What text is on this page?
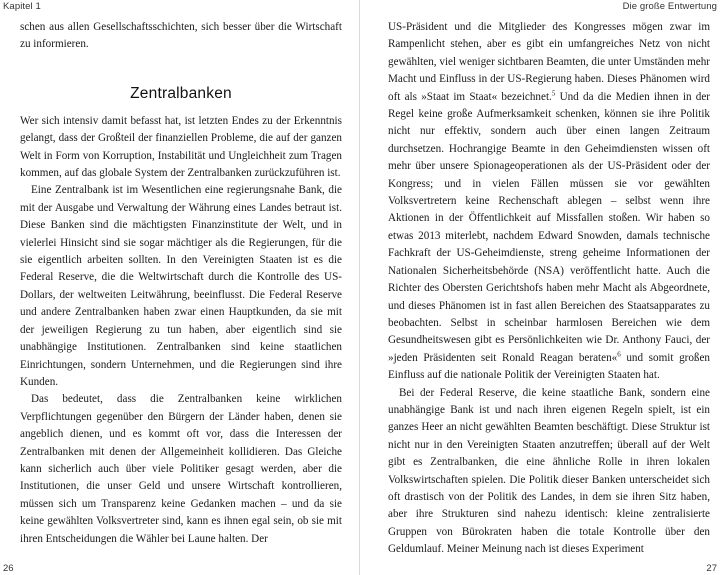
Kapitel 1	Die große Entwertung

schen aus allen Gesellschaftsschichten, sich besser über die Wirtschaft zu informieren.

Zentralbanken

Wer sich intensiv damit befasst hat, ist letzten Endes zu der Erkenntnis gelangt, dass der Großteil der finanziellen Probleme, die auf der ganzen Welt in Form von Korruption, Instabilität und Ungleichheit zum Tragen kommen, auf das globale System der Zentralbanken zurückzuführen ist.

Eine Zentralbank ist im Wesentlichen eine regierungsnahe Bank, die mit der Ausgabe und Verwaltung der Währung eines Landes betraut ist. Diese Banken sind die mächtigsten Finanzinstitute der Welt, und in vielerlei Hinsicht sind sie sogar mächtiger als die Regierungen, für die sie eigentlich arbeiten sollten. In den Vereinigten Staaten ist es die Federal Reserve, die die Weltwirtschaft durch die Kontrolle des US-Dollars, der weltweiten Leitwährung, beeinflusst. Die Federal Reserve und andere Zentralbanken haben zwar einen Hauptkunden, da sie mit der jeweiligen Regierung zu tun haben, aber eigentlich sind sie unabhängige Institutionen. Zentralbanken sind keine staatlichen Einrichtungen, sondern Unternehmen, und die Regierungen sind ihre Kunden.

Das bedeutet, dass die Zentralbanken keine wirklichen Verpflichtungen gegenüber den Bürgern der Länder haben, denen sie angeblich dienen, und es kommt oft vor, dass die Interessen der Zentralbanken mit denen der Allgemeinheit kollidieren. Das Gleiche kann sicherlich auch über viele Politiker gesagt werden, aber die Institutionen, die unser Geld und unsere Wirtschaft kontrollieren, müssen sich um Transparenz keine Gedanken machen – und da sie keine gewählten Volksvertreter sind, kann es ihnen egal sein, ob sie mit ihren Entscheidungen die Wähler bei Laune halten. Der

US-Präsident und die Mitglieder des Kongresses mögen zwar im Rampenlicht stehen, aber es gibt ein umfangreiches Netz von nicht gewählten, viel weniger sichtbaren Beamten, die unter Umständen mehr Macht und Einfluss in der US-Regierung haben. Dieses Phänomen wird oft als »Staat im Staat« bezeichnet.$^5$ Und da die Medien ihnen in der Regel keine große Aufmerksamkeit schenken, können sie ihre Politik nicht nur effektiv, sondern auch über einen langen Zeitraum durchsetzen. Hochrangige Beamte in den Geheimdiensten wissen oft mehr über unsere Spionageoperationen als der US-Präsident oder der Kongress; und in vielen Fällen müssen sie vor gewählten Volksvertretern keine Rechenschaft ablegen – selbst wenn ihre Aktionen in der Öffentlichkeit auf Missfallen stoßen. Wir haben so etwas 2013 miterlebt, nachdem Edward Snowden, damals technische Fachkraft der US-Geheimdienste, streng geheime Informationen der Nationalen Sicherheitsbehörde (NSA) veröffentlicht hatte. Auch die Richter des Obersten Gerichtshofs haben mehr Macht als Abgeordnete, und dieses Phänomen ist in fast allen Bereichen des Staatsapparates zu beobachten. Selbst in scheinbar harmlosen Bereichen wie dem Gesundheitswesen gibt es Persönlichkeiten wie Dr. Anthony Fauci, der »jeden Präsidenten seit Ronald Reagan beraten«$^6$ und somit großen Einfluss auf die nationale Politik der Vereinigten Staaten hat.

Bei der Federal Reserve, die keine staatliche Bank, sondern eine unabhängige Bank ist und nach ihren eigenen Regeln spielt, ist ein ganzes Heer an nicht gewählten Beamten beschäftigt. Diese Struktur ist nicht nur in den Vereinigten Staaten anzutreffen; überall auf der Welt gibt es Zentralbanken, die eine ähnliche Rolle in ihren lokalen Volkswirtschaften spielen. Die Politik dieser Banken unterscheidet sich oft drastisch von der Politik des Landes, in dem sie ihren Sitz haben, aber ihre Strukturen sind nahezu identisch: kleine zentralisierte Gruppen von Bürokraten haben die totale Kontrolle über den Geldumlauf. Meiner Meinung nach ist dieses Experiment

26	27
